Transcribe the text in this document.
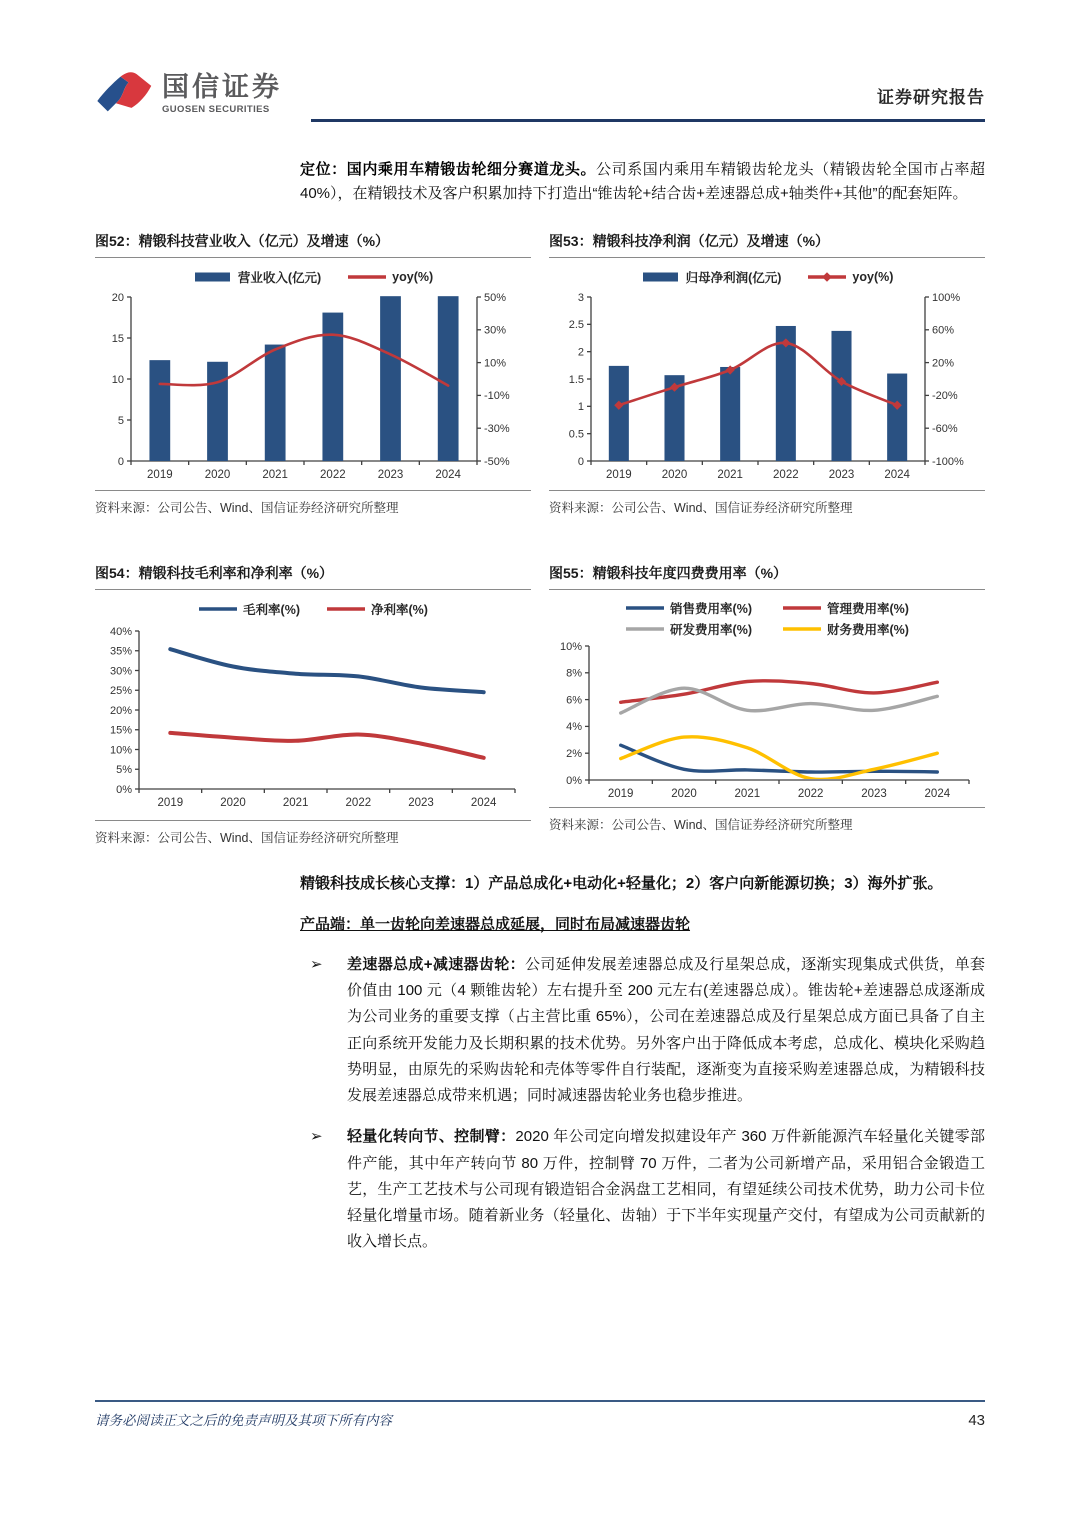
国信证券
GUOSEN SECURITIES
证券研究报告

定位：国内乘用车精锻齿轮细分赛道龙头。公司系国内乘用车精锻齿轮龙头（精锻齿轮全国市占率超 40%），在精锻技术及客户积累加持下打造出“锥齿轮+结合齿+差速器总成+轴类件+其他”的配套矩阵。

图52：精锻科技营业收入（亿元）及增速（%）
营业收入(亿元)	yoy(%)
0
5
10
15
20
-50%
-30%
-10%
10%
30%
50%
2019	2020	2021	2022	2023	2024
资料来源：公司公告、Wind、国信证券经济研究所整理
图53：精锻科技净利润（亿元）及增速（%）
归母净利润(亿元)	yoy(%)
0
0.5
1
1.5
2
2.5
3
-100%
-60%
-20%
20%
60%
100%
2019	2020	2021	2022	2023	2024
资料来源：公司公告、Wind、国信证券经济研究所整理
图54：精锻科技毛利率和净利率（%）
毛利率(%)	净利率(%)
0%
5%
10%
15%
20%
25%
30%
35%
40%
2019	2020	2021	2022	2023	2024
资料来源：公司公告、Wind、国信证券经济研究所整理
图55：精锻科技年度四费费用率（%）
销售费用率(%)	管理费用率(%)
研发费用率(%)	财务费用率(%)
0%
2%
4%
6%
8%
10%
2019	2020	2021	2022	2023	2024
资料来源：公司公告、Wind、国信证券经济研究所整理

精锻科技成长核心支撑：1）产品总成化+电动化+轻量化；2）客户向新能源切换；3）海外扩张。

产品端：单一齿轮向差速器总成延展，同时布局减速器齿轮

➢	差速器总成+减速器齿轮：公司延伸发展差速器总成及行星架总成，逐渐实现集成式供货，单套价值由 100 元（4 颗锥齿轮）左右提升至 200 元左右(差速器总成）。锥齿轮+差速器总成逐渐成为公司业务的重要支撑（占主营比重 65%），公司在差速器总成及行星架总成方面已具备了自主正向系统开发能力及长期积累的技术优势。另外客户出于降低成本考虑，总成化、模块化采购趋势明显，由原先的采购齿轮和壳体等零件自行装配，逐渐变为直接采购差速器总成，为精锻科技发展差速器总成带来机遇；同时减速器齿轮业务也稳步推进。

➢	轻量化转向节、控制臂：2020 年公司定向增发拟建设年产 360 万件新能源汽车轻量化关键零部件产能，其中年产转向节 80 万件，控制臂 70 万件，二者为公司新增产品，采用铝合金锻造工艺，生产工艺技术与公司现有锻造铝合金涡盘工艺相同，有望延续公司技术优势，助力公司卡位轻量化增量市场。随着新业务（轻量化、齿轴）于下半年实现量产交付，有望成为公司贡献新的收入增长点。

请务必阅读正文之后的免责声明及其项下所有内容	43
